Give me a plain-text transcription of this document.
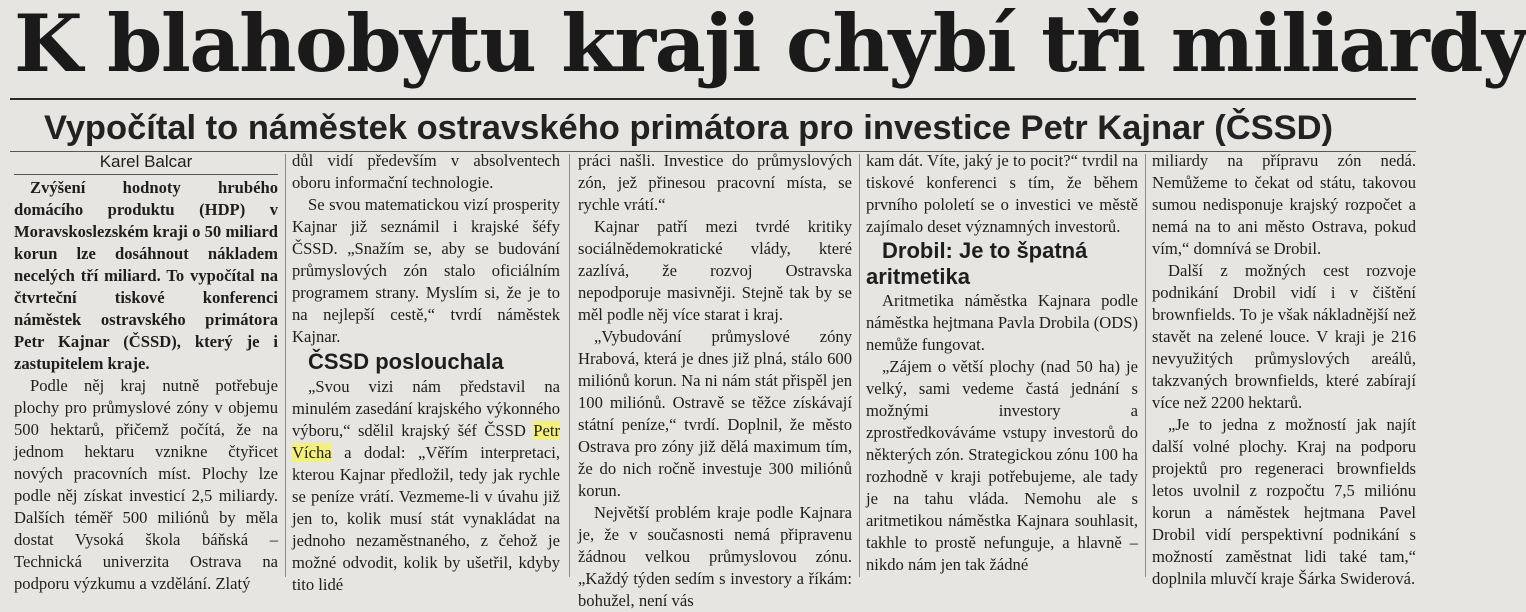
K blahobytu kraji chybí tři miliardy
Vypočítal to náměstek ostravského primátora pro investice Petr Kajnar (ČSSD)
Karel Balcar

Zvýšení hodnoty hrubého domácího produktu (HDP) v Moravskoslezském kraji o 50 miliard korun lze dosáhnout nákladem necelých tří miliard. To vypočítal na čtvrteční tiskové konferenci náměstek ostravského primátora Petr Kajnar (ČSSD), který je i zastupitelem kraje.

Podle něj kraj nutně potřebuje plochy pro průmyslové zóny v objemu 500 hektarů, přičemž počítá, že na jednom hektaru vznikne čtyřicet nových pracovních míst. Plochy lze podle něj získat investicí 2,5 miliardy. Dalších téměř 500 miliónů by měla dostat Vysoká škola báňská – Technická univerzita Ostrava na podporu výzkumu a vzdělání. Zlatý

důl vidí především v absolventech oboru informační technologie.

Se svou matematickou vizí prosperity Kajnar již seznámil i krajské šéfy ČSSD. „Snažím se, aby se budování průmyslových zón stalo oficiálním programem strany. Myslím si, že je to na nejlepší cestě,“ tvrdí náměstek Kajnar.

ČSSD poslouchala

„Svou vizi nám představil na minulém zasedání krajského výkonného výboru,“ sdělil krajský šéf ČSSD Petr Vícha a dodal: „Věřím interpretaci, kterou Kajnar předložil, tedy jak rychle se peníze vrátí. Vezmeme-li v úvahu již jen to, kolik musí stát vynakládat na jednoho nezaměstnaného, z čehož je možné odvodit, kolik by ušetřil, kdyby tito lidé

práci našli. Investice do průmyslových zón, jež přinesou pracovní místa, se rychle vrátí.“

Kajnar patří mezi tvrdé kritiky sociálnědemokratické vlády, které zazlívá, že rozvoj Ostravska nepodporuje masivněji. Stejně tak by se měl podle něj více starat i kraj.

„Vybudování průmyslové zóny Hrabová, která je dnes již plná, stálo 600 miliónů korun. Na ni nám stát přispěl jen 100 miliónů. Ostravě se těžce získávají státní peníze,“ tvrdí. Doplnil, že město Ostrava pro zóny již dělá maximum tím, že do nich ročně investuje 300 miliónů korun.

Největší problém kraje podle Kajnara je, že v současnosti nemá připravenu žádnou velkou průmyslovou zónu. „Každý týden sedím s investory a říkám: bohužel, není vás

kam dát. Víte, jaký je to pocit?“ tvrdil na tiskové konferenci s tím, že během prvního pololetí se o investici ve městě zajímalo deset významných investorů.

Drobil: Je to špatná aritmetika

Aritmetika náměstka Kajnara podle náměstka hejtmana Pavla Drobila (ODS) nemůže fungovat.

„Zájem o větší plochy (nad 50 ha) je velký, sami vedeme častá jednání s možnými investory a zprostředkováváme vstupy investorů do některých zón. Strategickou zónu 100 ha rozhodně v kraji potřebujeme, ale tady je na tahu vláda. Nemohu ale s aritmetikou náměstka Kajnara souhlasit, takhle to prostě nefunguje, a hlavně – nikdo nám jen tak žádné

miliardy na přípravu zón nedá. Nemůžeme to čekat od státu, takovou sumou nedisponuje krajský rozpočet a nemá na to ani město Ostrava, pokud vím,“ domnívá se Drobil.

Další z možných cest rozvoje podnikání Drobil vidí i v čištění brownfields. To je však nákladnější než stavět na zelené louce. V kraji je 216 nevyužitých průmyslových areálů, takzvaných brownfields, které zabírají více než 2200 hektarů.

„Je to jedna z možností jak najít další volné plochy. Kraj na podporu projektů pro regeneraci brownfields letos uvolnil z rozpočtu 7,5 miliónu korun a náměstek hejtmana Pavel Drobil vidí perspektivní podnikání s možností zaměstnat lidi také tam,“ doplnila mluvčí kraje Šárka Swiderová.
